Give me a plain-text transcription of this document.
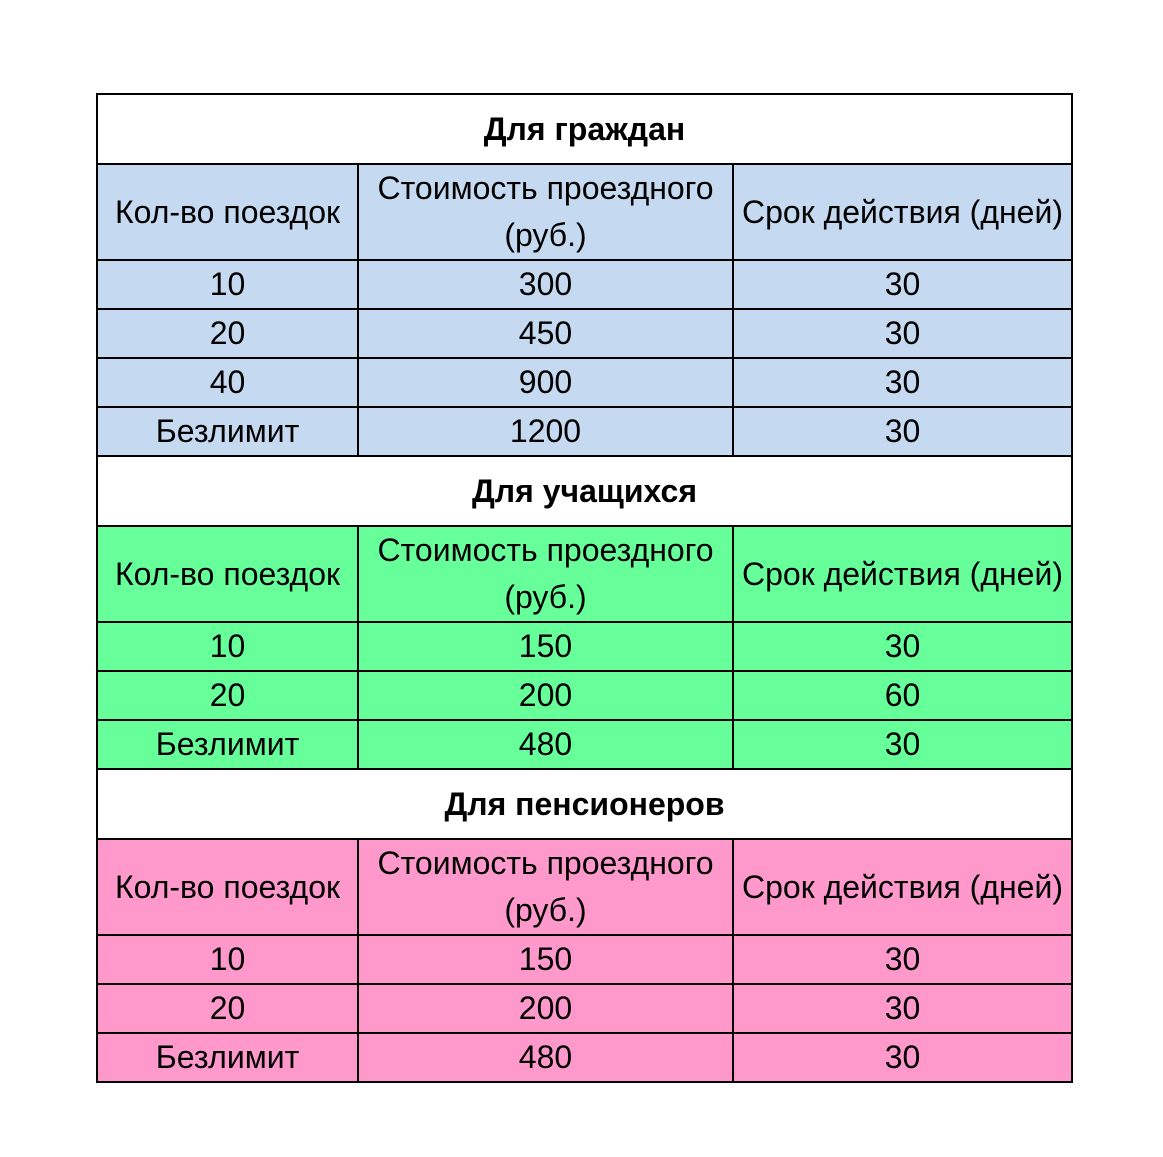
Для граждан		
Кол-во поездок	Стоимость проездного (руб.)	Срок действия (дней)
10	300	30
20	450	30
40	900	30
Безлимит	1200	30
Для учащихся		
Кол-во поездок	Стоимость проездного (руб.)	Срок действия (дней)
10	150	30
20	200	60
Безлимит	480	30
Для пенсионеров		
Кол-во поездок	Стоимость проездного (руб.)	Срок действия (дней)
10	150	30
20	200	30
Безлимит	480	30
